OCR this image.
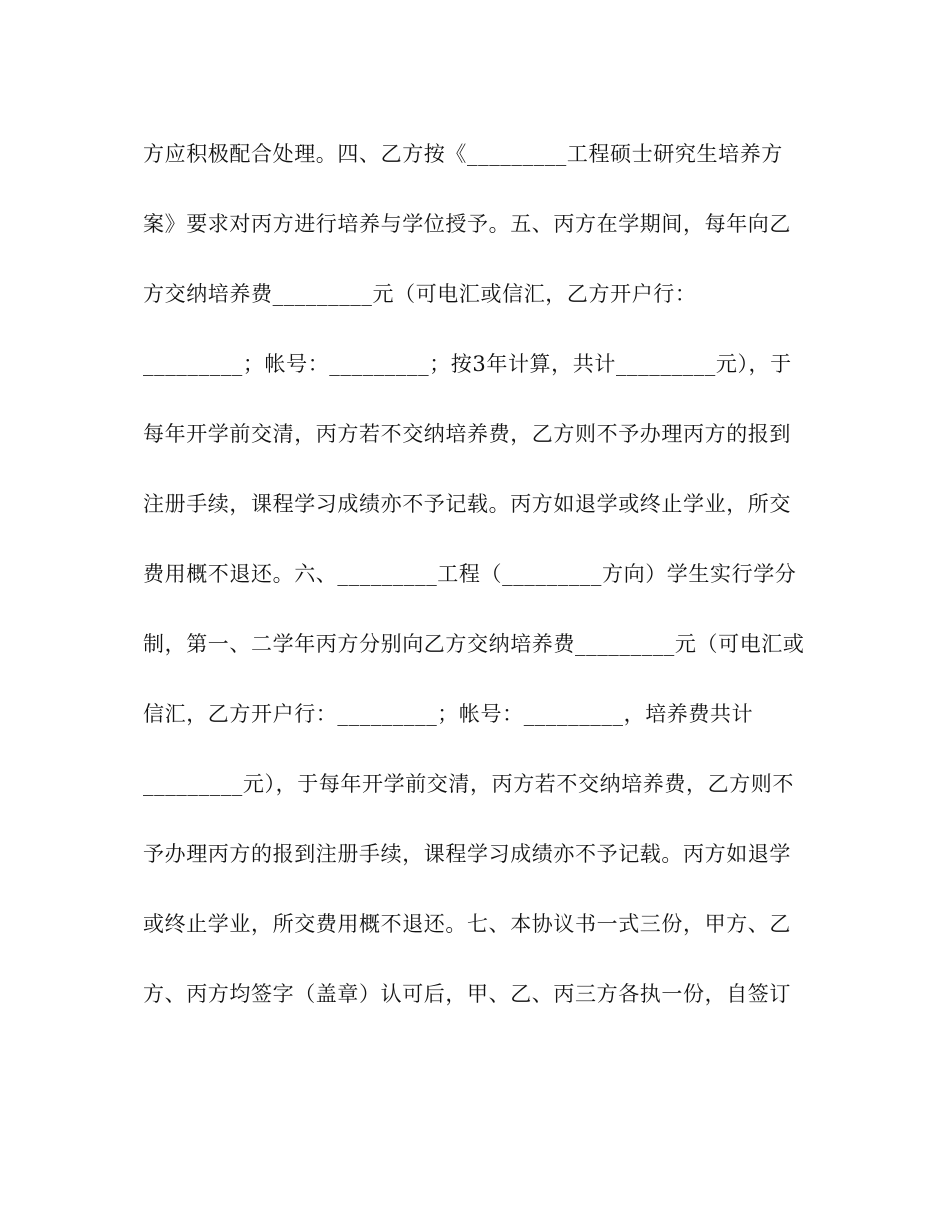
方应积极配合处理。四、乙方按《_________工程硕士研究生培养方
案》要求对丙方进行培养与学位授予。五、丙方在学期间，每年向乙
方交纳培养费_________元（可电汇或信汇，乙方开户行：
_________；帐号：_________；按3年计算，共计_________元），于
每年开学前交清，丙方若不交纳培养费，乙方则不予办理丙方的报到
注册手续，课程学习成绩亦不予记载。丙方如退学或终止学业，所交
费用概不退还。六、_________工程（_________方向）学生实行学分
制，第一、二学年丙方分别向乙方交纳培养费_________元（可电汇或
信汇，乙方开户行：_________；帐号：_________，培养费共计
_________元），于每年开学前交清，丙方若不交纳培养费，乙方则不
予办理丙方的报到注册手续，课程学习成绩亦不予记载。丙方如退学
或终止学业，所交费用概不退还。七、本协议书一式三份，甲方、乙
方、丙方均签字（盖章）认可后，甲、乙、丙三方各执一份，自签订
